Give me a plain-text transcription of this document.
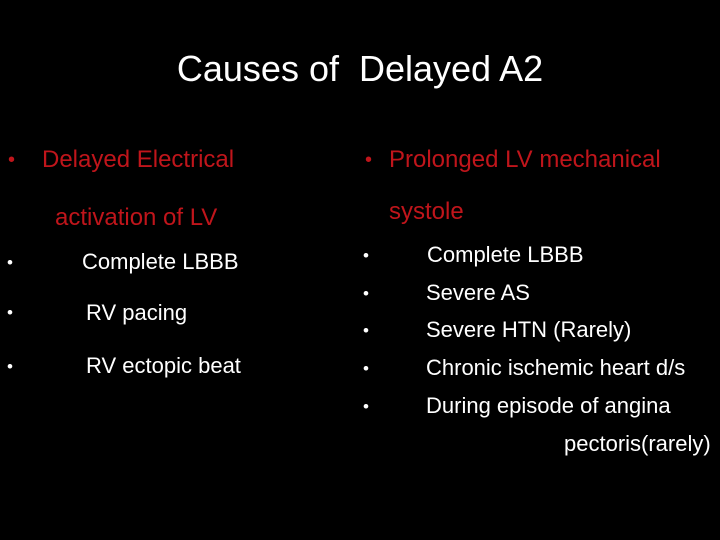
Causes of  Delayed A2
• Delayed Electrical
activation of LV
•	Complete LBBB
•	RV pacing
•	RV ectopic beat
• Prolonged LV mechanical
systole
•	Complete LBBB
•	Severe AS
•	Severe HTN (Rarely)
•	Chronic ischemic heart d/s
•	During episode of angina
pectoris(rarely)
